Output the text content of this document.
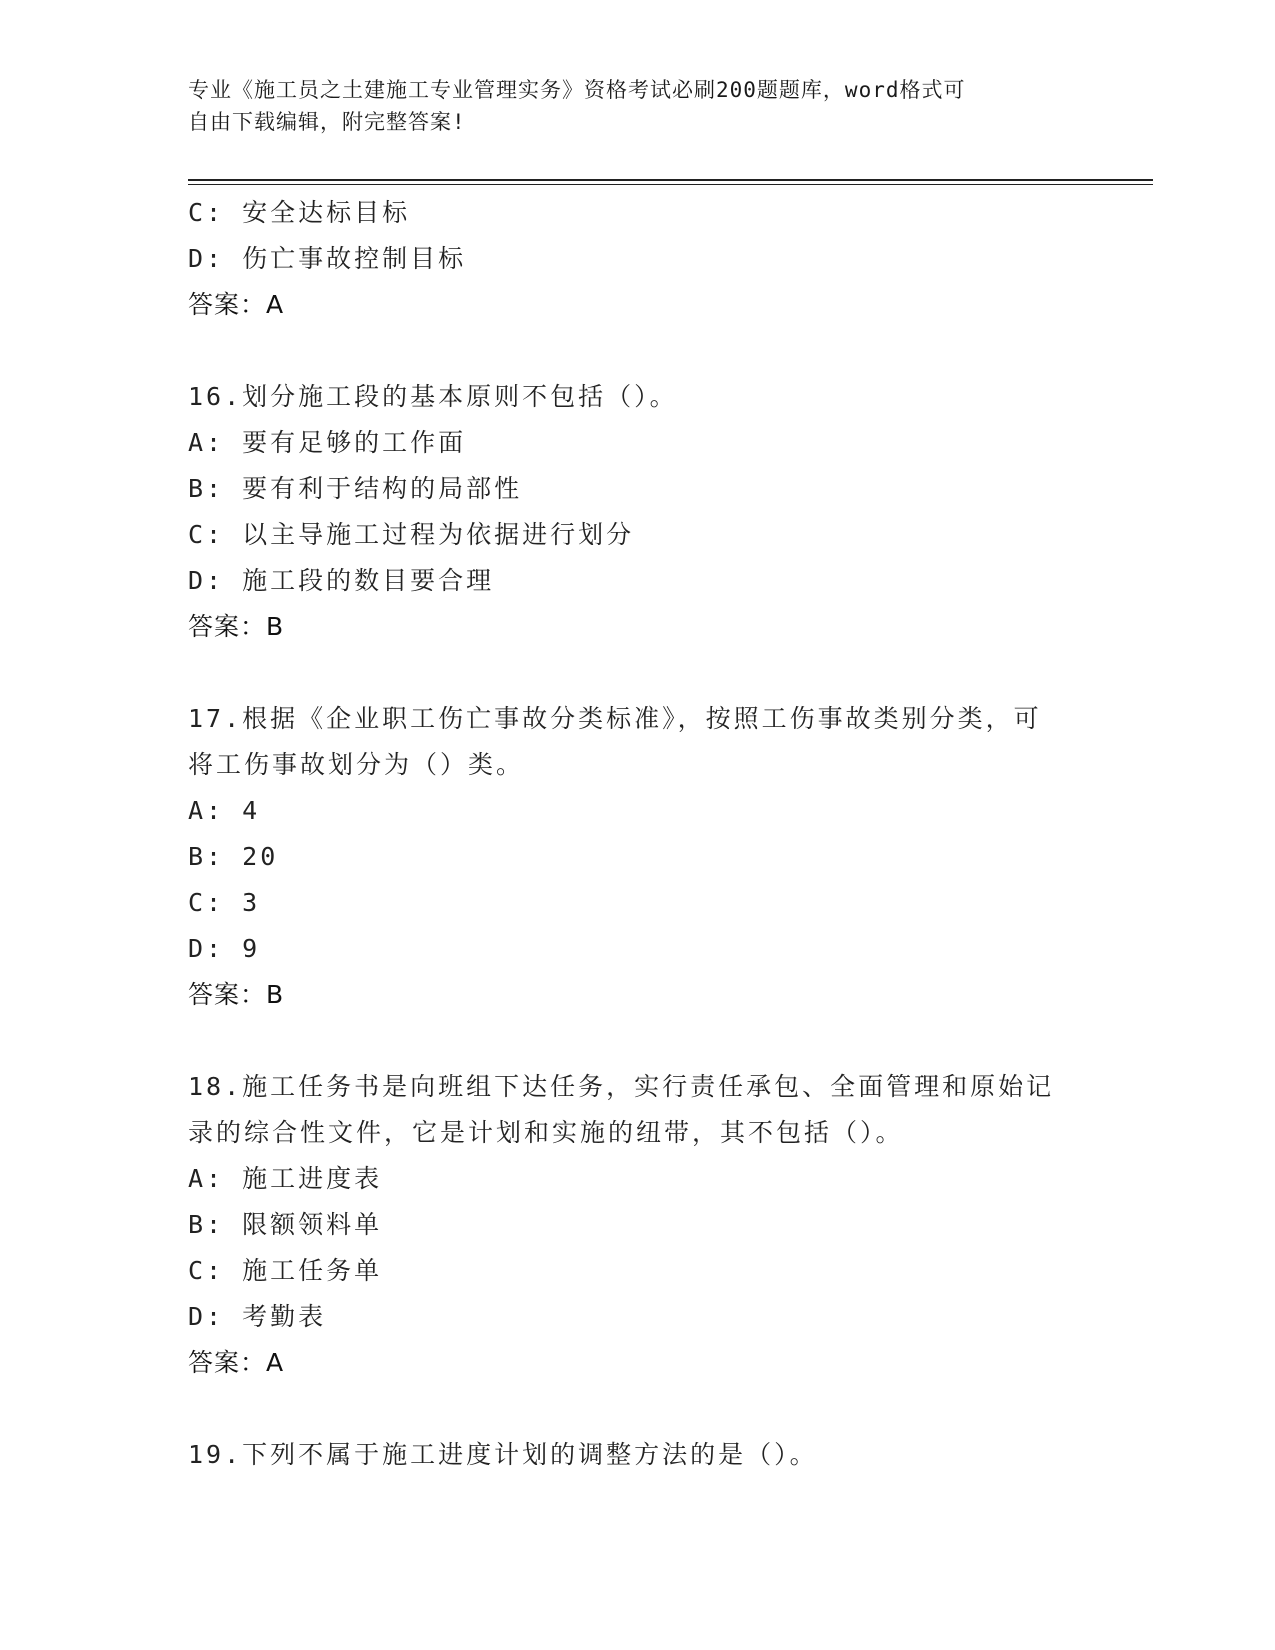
专业《施工员之土建施工专业管理实务》资格考试必刷200题题库，word格式可
自由下载编辑，附完整答案!
C: 安全达标目标
D: 伤亡事故控制目标
答案：A
16.划分施工段的基本原则不包括（）。
A: 要有足够的工作面
B: 要有利于结构的局部性
C: 以主导施工过程为依据进行划分
D: 施工段的数目要合理
答案：B
17.根据《企业职工伤亡事故分类标准》，按照工伤事故类别分类，可
将工伤事故划分为（）类。
A: 4
B: 20
C: 3
D: 9
答案：B
18.施工任务书是向班组下达任务，实行责任承包、全面管理和原始记
录的综合性文件，它是计划和实施的纽带，其不包括（）。
A: 施工进度表
B: 限额领料单
C: 施工任务单
D: 考勤表
答案：A
19.下列不属于施工进度计划的调整方法的是（）。
